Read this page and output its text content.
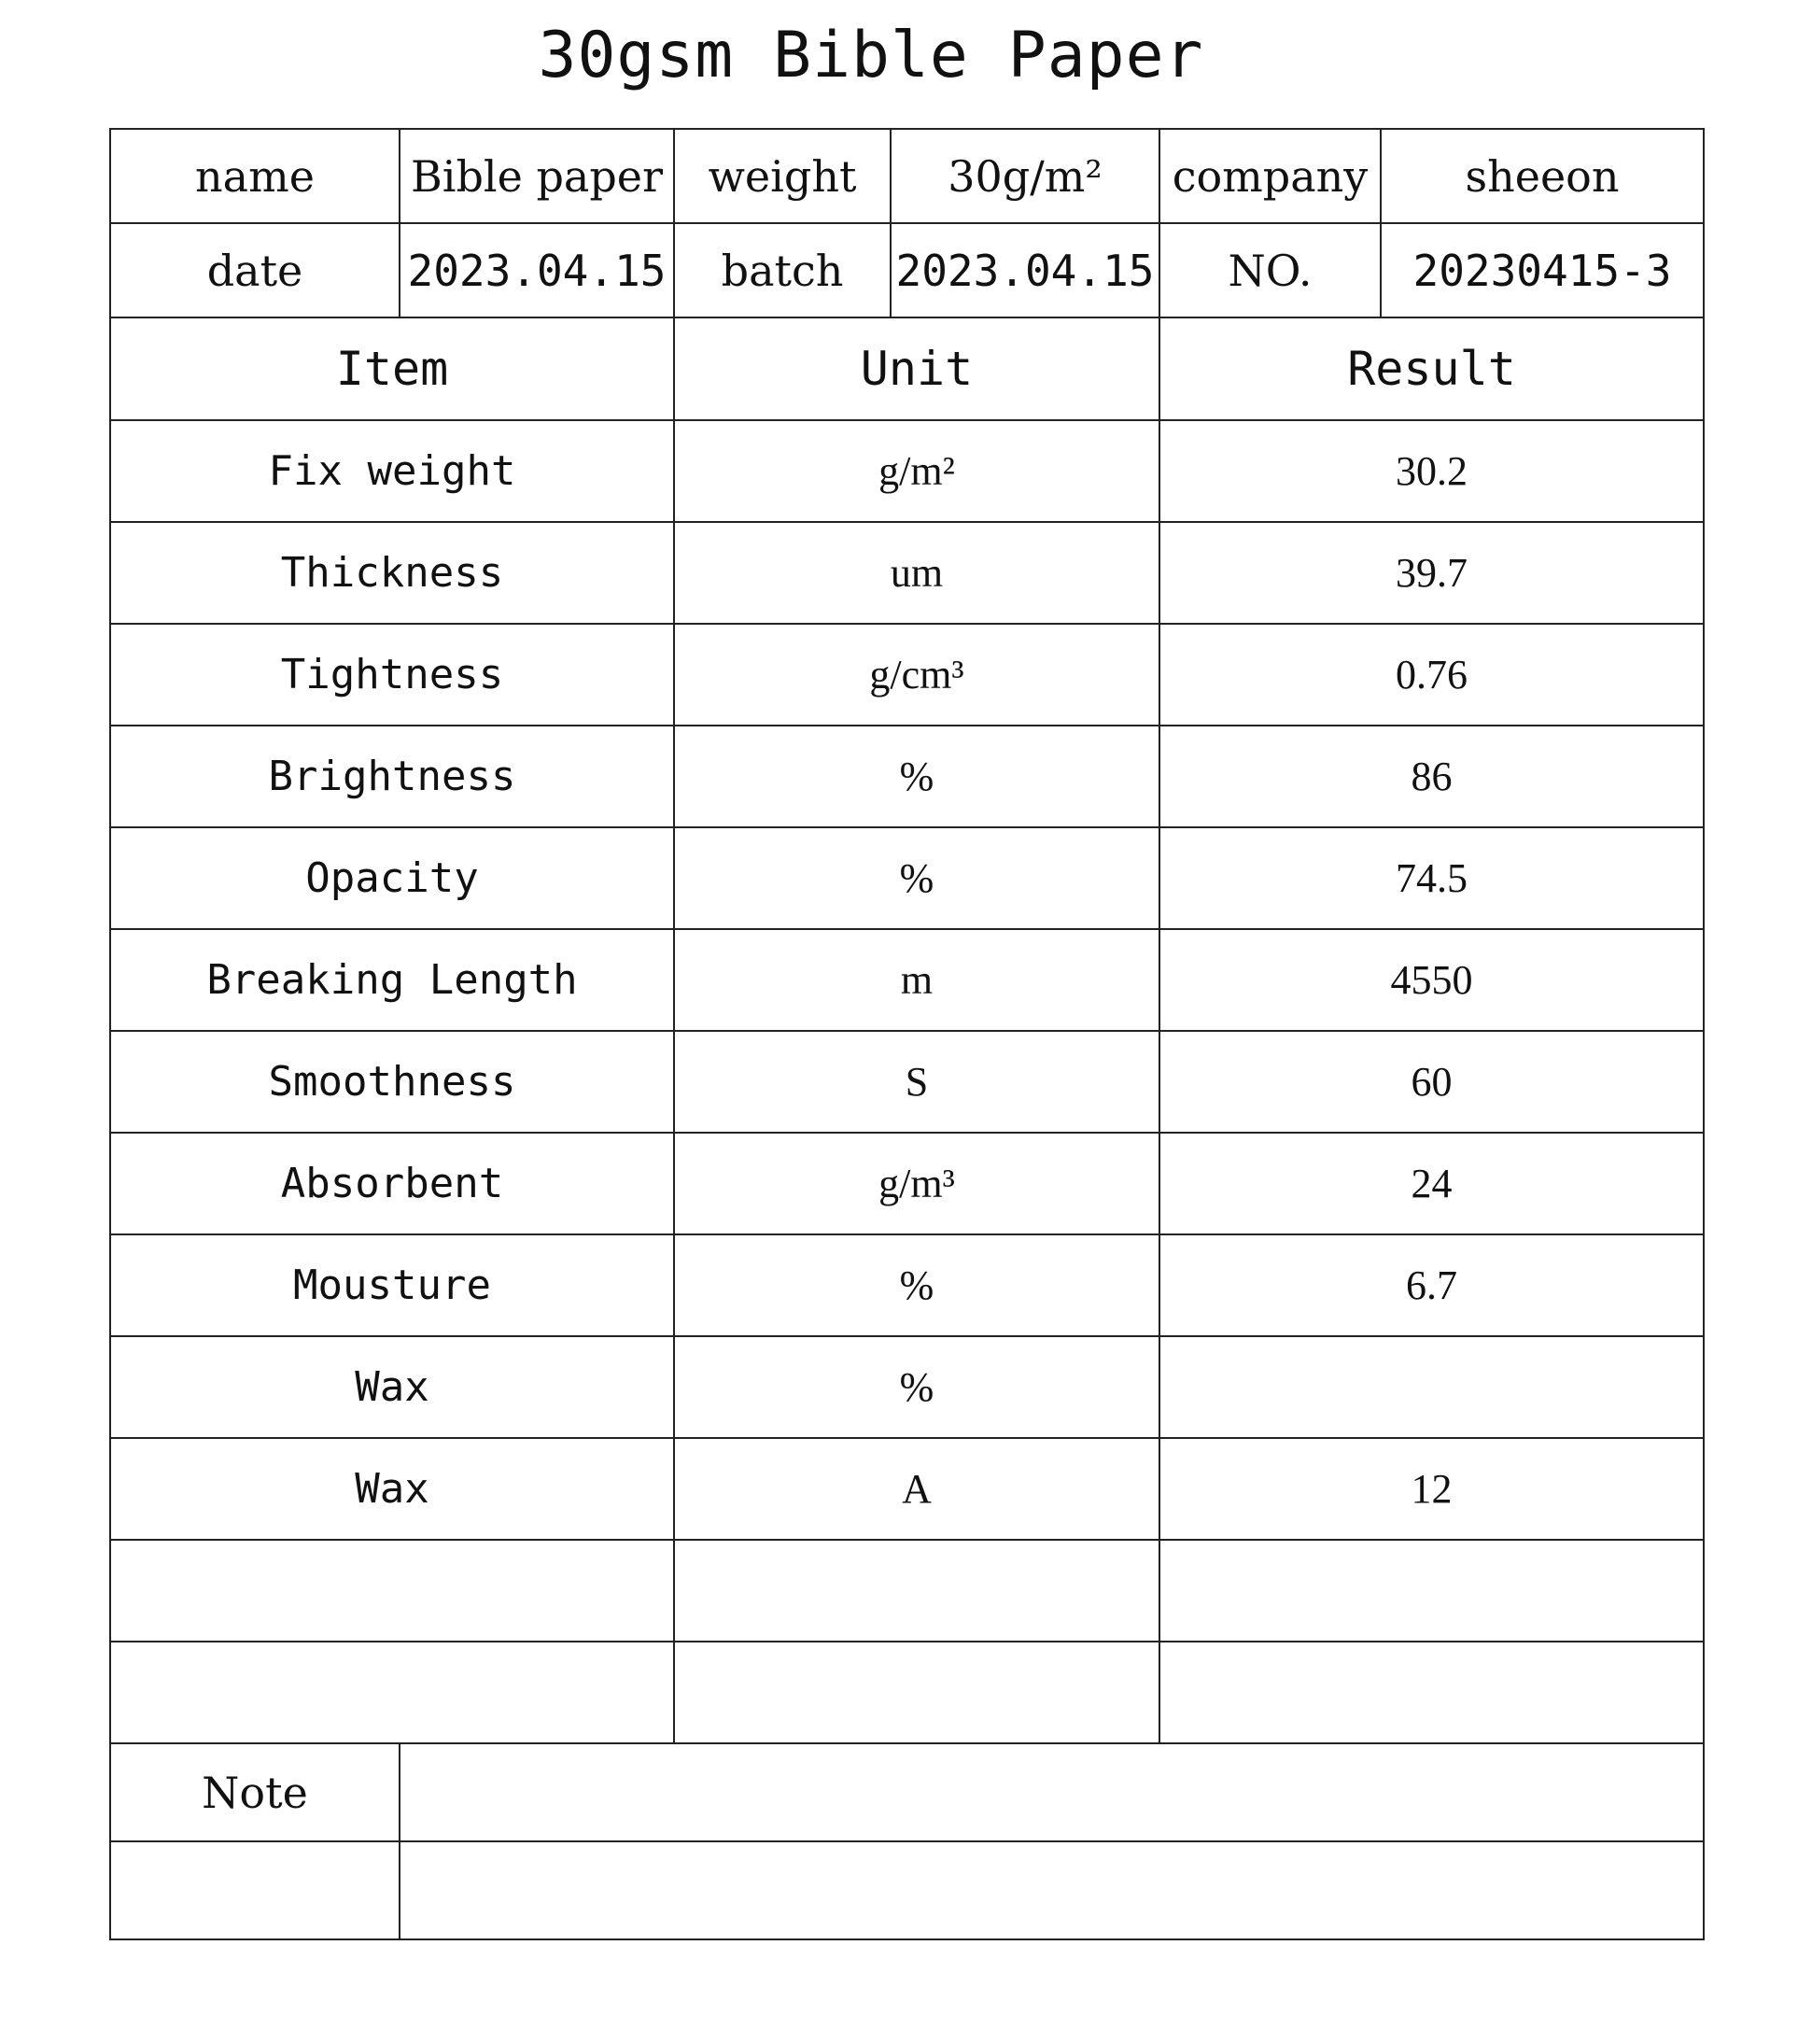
30gsm Bible Paper
name	Bible paper	weight	30g/m²	company	sheeon
date	2023.04.15	batch	2023.04.15	NO.	20230415-3
Item		Unit		Result	
Fix weight		g/m²		30.2	
Thickness		um		39.7	
Tightness		g/cm³		0.76	
Brightness		%		86	
Opacity		%		74.5	
Breaking Length		m		4550	
Smoothness		S		60	
Absorbent		g/m³		24	
Mousture		%		6.7	
Wax		%			
Wax		A		12	

Note					
